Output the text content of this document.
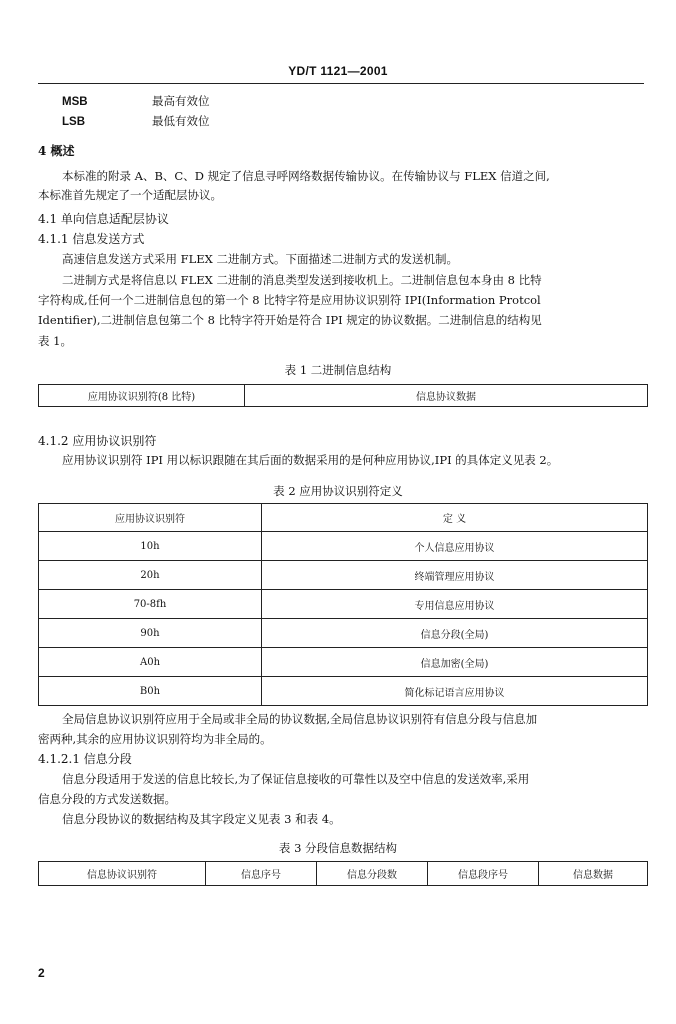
YD/T 1121—2001
MSB	最高有效位
LSB	最低有效位
4 概述
本标准的附录 A、B、C、D 规定了信息寻呼网络数据传输协议。在传输协议与 FLEX 信道之间,
本标准首先规定了一个适配层协议。
4.1 单向信息适配层协议
4.1.1 信息发送方式
高速信息发送方式采用 FLEX 二进制方式。下面描述二进制方式的发送机制。
二进制方式是将信息以 FLEX 二进制的消息类型发送到接收机上。二进制信息包本身由 8 比特
字符构成,任何一个二进制信息包的第一个 8 比特字符是应用协议识别符 IPI(Information Protcol
Identifier),二进制信息包第二个 8 比特字符开始是符合 IPI 规定的协议数据。二进制信息的结构见
表 1。
表 1 二进制信息结构
应用协议识别符(8 比特)	信息协议数据
4.1.2 应用协议识别符
应用协议识别符 IPI 用以标识跟随在其后面的数据采用的是何种应用协议,IPI 的具体定义见表 2。
表 2 应用协议识别符定义
应用协议识别符	定 义
10h	个人信息应用协议
20h	终端管理应用协议
70-8fh	专用信息应用协议
90h	信息分段(全局)
A0h	信息加密(全局)
B0h	简化标记语言应用协议
全局信息协议识别符应用于全局或非全局的协议数据,全局信息协议识别符有信息分段与信息加
密两种,其余的应用协议识别符均为非全局的。
4.1.2.1 信息分段
信息分段适用于发送的信息比较长,为了保证信息接收的可靠性以及空中信息的发送效率,采用
信息分段的方式发送数据。
信息分段协议的数据结构及其字段定义见表 3 和表 4。
表 3 分段信息数据结构
信息协议识别符	信息序号	信息分段数	信息段序号	信息数据
2
